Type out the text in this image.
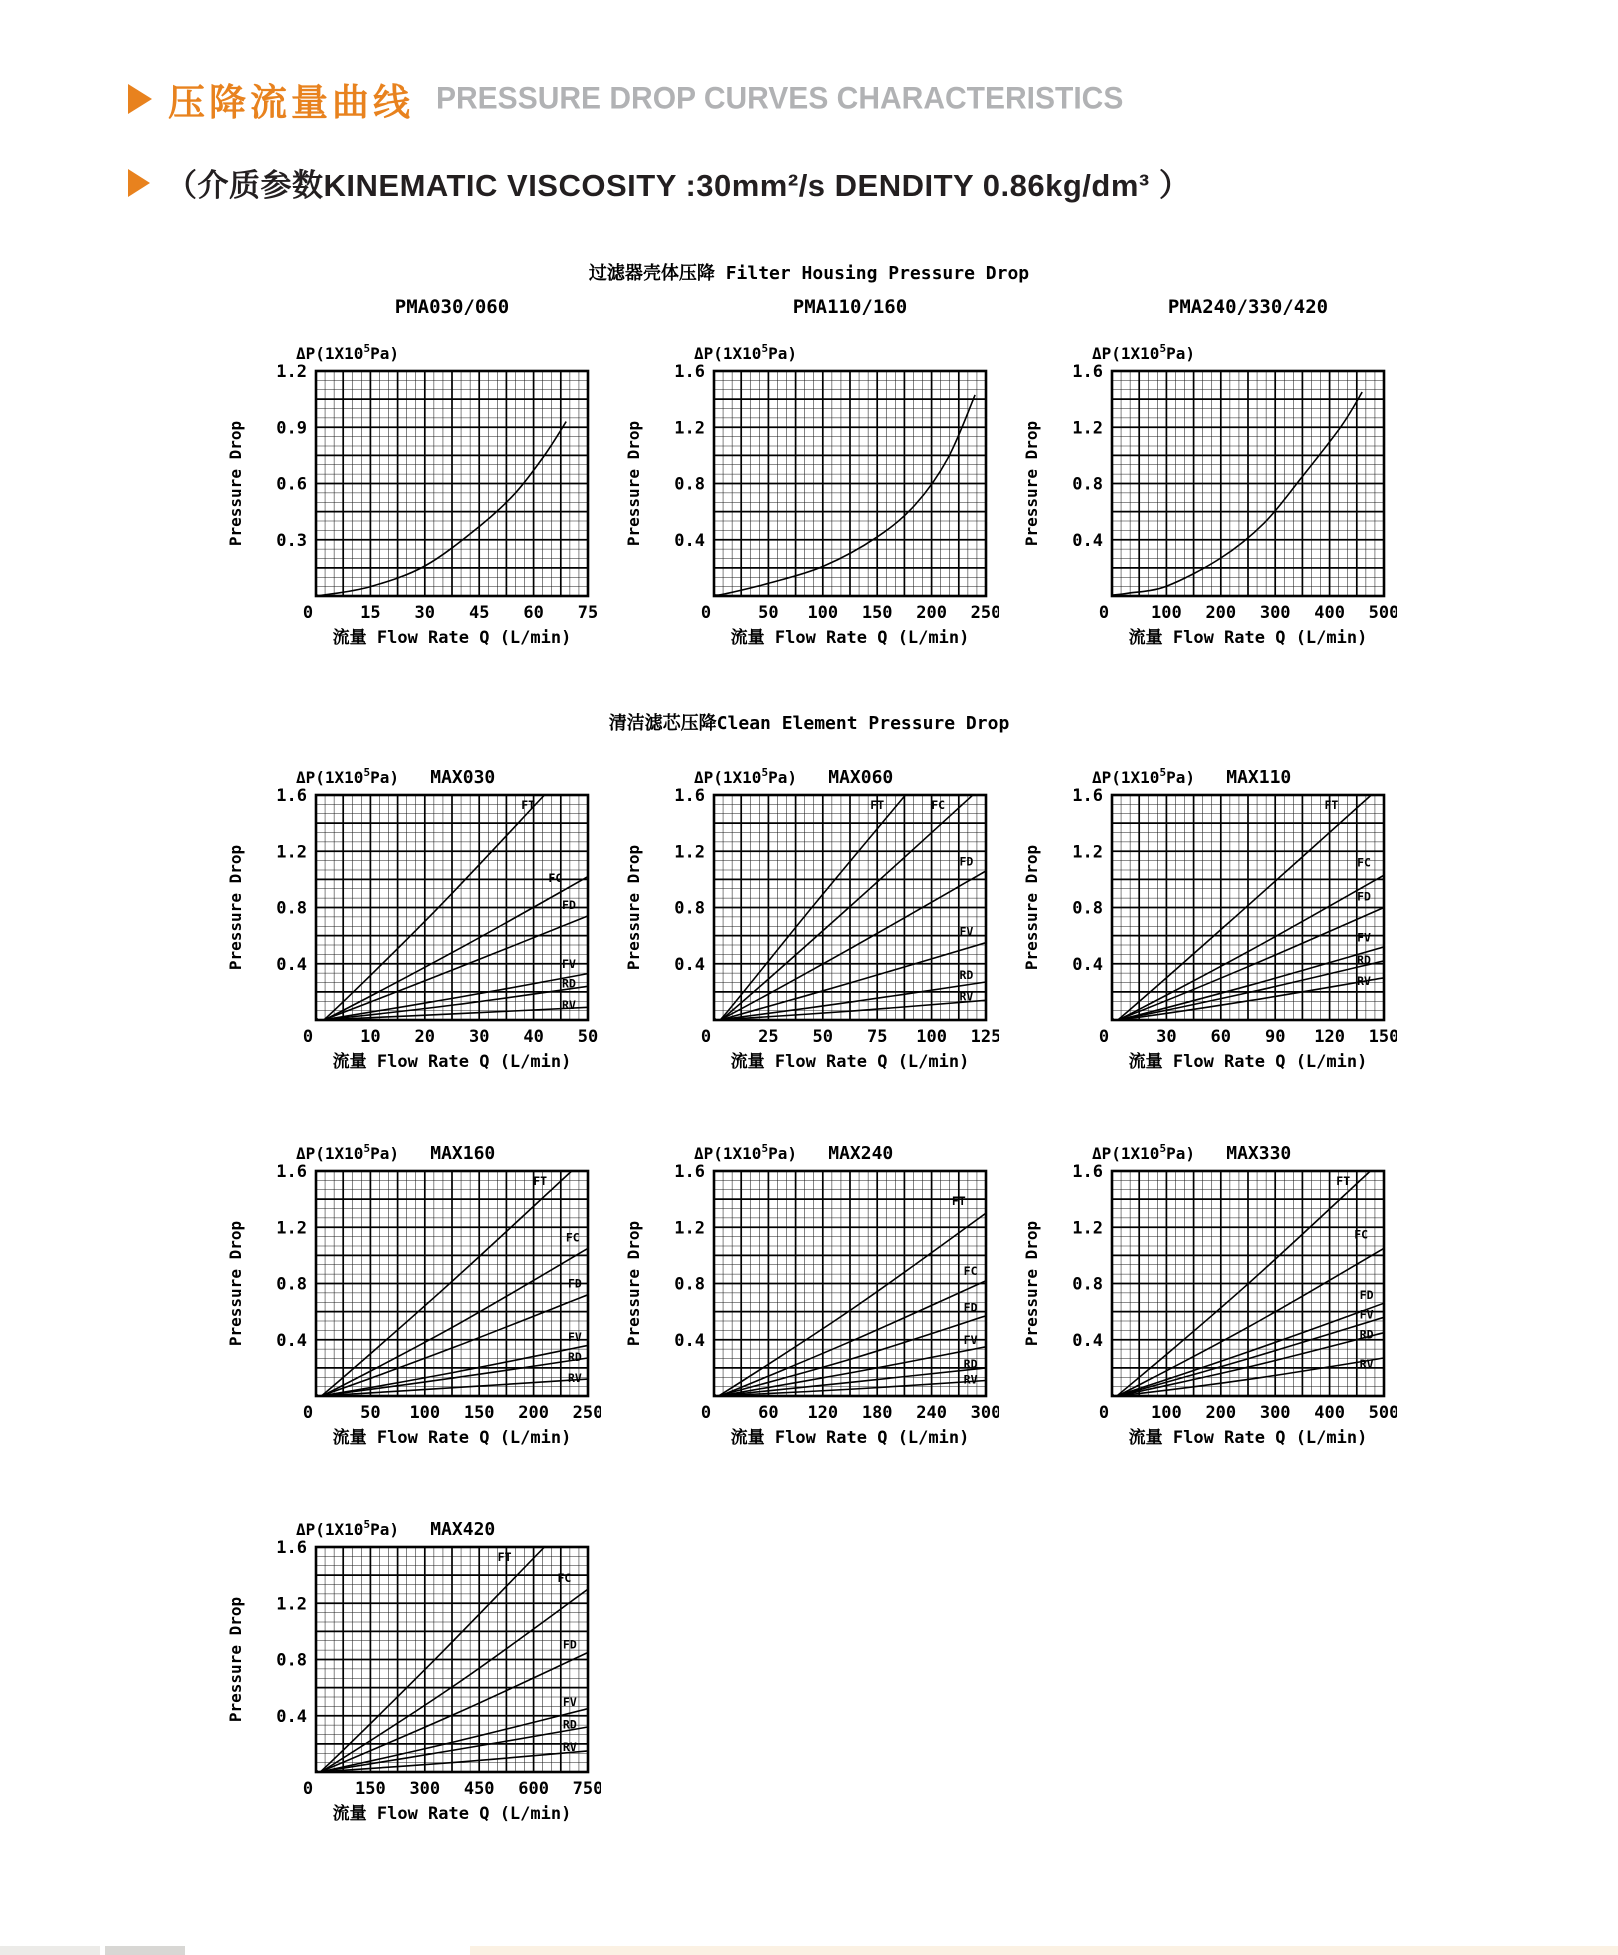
压降流量曲线 PRESSURE DROP CURVES CHARACTERISTICS
（介质参数KINEMATIC VISCOSITY :30mm²/s DENDITY 0.86kg/dm³ ）
过滤器壳体压降 Filter Housing Pressure Drop
PMA030/060
$\Delta P(1X10^5Pa)$
0.3
0.6
0.9
1.2
0	15 30 45 60 75
Pressure Drop
流量 Flow Rate Q (L/min)
PMA110/160
$\Delta P(1X10^5Pa)$
0.4
0.8
1.2
1.6
0	50 100 150 200 250
Pressure Drop
流量 Flow Rate Q (L/min)
PMA240/330/420
$\Delta P(1X10^5Pa)$
0.4
0.8
1.2
1.6
0 100 200 300 400 500
Pressure Drop
流量 Flow Rate Q (L/min)
清洁滤芯压降Clean Element Pressure Drop
FT
FC
FD
FV
RD
RV
$\Delta P(1X10^5Pa)$ MAX030
0.4
0.8
1.2
1.6
0	10 20 30 40 50
Pressure Drop
流量 Flow Rate Q (L/min)
FT	FC
FD
FV
RD
RV
$\Delta P(1X10^5Pa)$ MAX060
0.4
0.8
1.2
1.6
0	25 50 75 100 125
Pressure Drop
流量 Flow Rate Q (L/min)
FT
FC
FD
FV
RD
RV
$\Delta P(1X10^5Pa)$ MAX110
0.4
0.8
1.2
1.6
0	30 60 90 120 150
Pressure Drop
流量 Flow Rate Q (L/min)
FT
FC
FD
FV
RD
RV
$\Delta P(1X10^5Pa)$ MAX160
0.4
0.8
1.2
1.6
0	50 100 150 200 250
Pressure Drop
流量 Flow Rate Q (L/min)
FT
FC
FD
FV
RD
RV
$\Delta P(1X10^5Pa)$ MAX240
0.4
0.8
1.2
1.6
0	60 120 180 240 300
Pressure Drop
流量 Flow Rate Q (L/min)
FT
FC
FD
FV
RD
RV
$\Delta P(1X10^5Pa)$ MAX330
0.4
0.8
1.2
1.6
0 100 200 300 400 500
Pressure Drop
流量 Flow Rate Q (L/min)
FT
FC
FD
FV
RD
RV
$\Delta P(1X10^5Pa)$ MAX420
0.4
0.8
1.2
1.6
0 150 300 450 600 750
Pressure Drop
流量 Flow Rate Q (L/min)
